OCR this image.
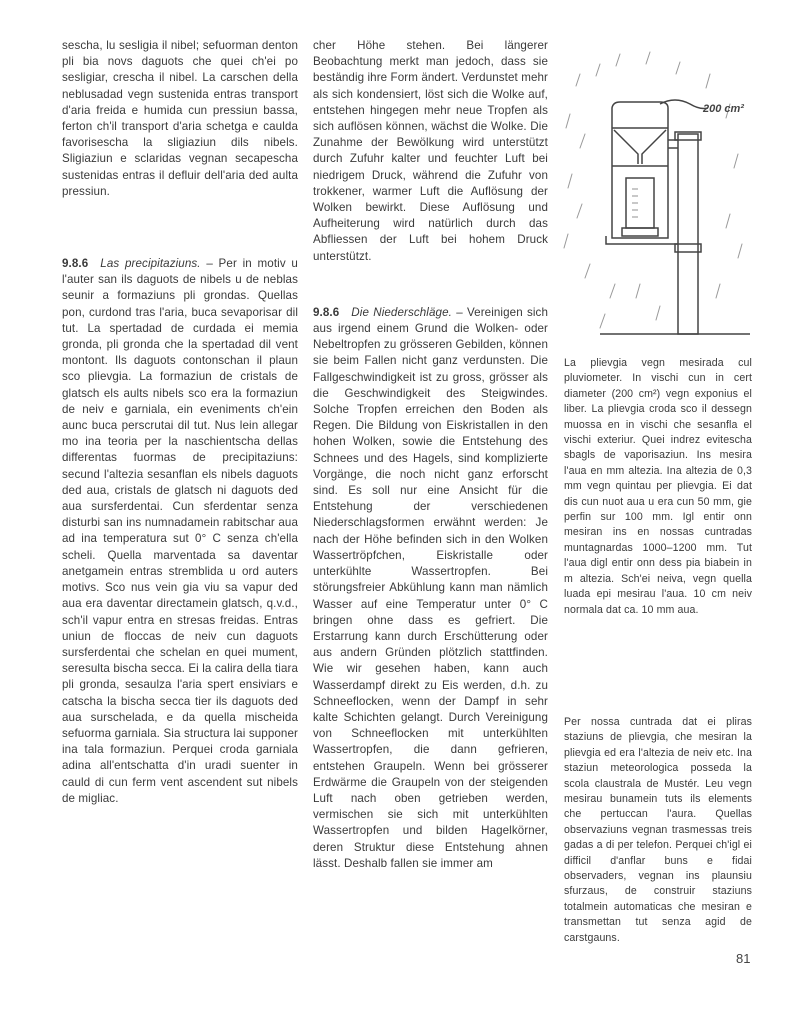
sescha, lu sesligia il nibel; sefuorman denton pli bia novs daguots che quei ch'ei po sesligiar, crescha il nibel. La carschen della neblusadad vegn sustenida entras transport d'aria freida e humida cun pressiun bassa, ferton ch'il transport d'aria schetga e caulda favorisescha la sligiaziun dils nibels. Sligiaziun e sclaridas vegnan secapescha sustenidas entras il defluir dell'aria ded aulta pressiun.

9.8.6 Las precipitaziuns. – Per in motiv u l'auter san ils daguots de nibels u de neblas seunir a formaziuns pli grondas. Quellas pon, curdond tras l'aria, buca sevaporisar dil tut. La spertadad de curdada ei memia gronda, pli gronda che la spertadad dil vent montont. Ils daguots contonschan il plaun sco plievgia. La formaziun de cristals de glatsch els aults nibels sco era la formaziun de neiv e garniala, ein eveniments ch'ein aunc buca perscrutai dil tut. Nus lein allegar mo ina teoria per la naschientscha dellas differentas fuormas de precipitaziuns: secund l'altezia sesanflan els nibels daguots ded aua, cristals de glatsch ni daguots ded aua sursferdentai. Cun sferdentar senza disturbi san ins numnadamein rabitschar aua ad ina temperatura sut 0° C senza ch'ella scheli. Quella marventada sa daventar anetgamein entras stremblida u ord auters motivs. Sco nus vein gia viu sa vapur ded aua era daventar directamein glatsch, q.v.d., sch'il vapur entra en stresas freidas. Entras uniun de floccas de neiv cun daguots sursferdentai che schelan en quei mument, seresulta bischa secca. Ei la calira della tiara pli gronda, sesaulza l'aria spert ensiviars e catscha la bischa secca tier ils daguots ded aua surschelada, e da quella mischeida sefuorma garniala. Sia structura lai supponer ina tala formaziun. Perquei croda garniala adina all'entschatta d'in uradi suenter in cauld di cun ferm vent ascendent sut nibels de migliac.

cher Höhe stehen. Bei längerer Beobachtung merkt man jedoch, dass sie beständig ihre Form ändert. Verdunstet mehr als sich kondensiert, löst sich die Wolke auf, entstehen hingegen mehr neue Tropfen als sich auflösen können, wächst die Wolke. Die Zunahme der Bewölkung wird unterstützt durch Zufuhr kalter und feuchter Luft bei niedrigem Druck, während die Zufuhr von trokkener, warmer Luft die Auflösung der Wolken bewirkt. Diese Auflösung und Aufheiterung wird natürlich durch das Abfliessen der Luft bei hohem Druck unterstützt.

9.8.6 Die Niederschläge. – Vereinigen sich aus irgend einem Grund die Wolken- oder Nebeltropfen zu grösseren Gebilden, können sie beim Fallen nicht ganz verdunsten. Die Fallgeschwindigkeit ist zu gross, grösser als die Geschwindigkeit des Steigwindes. Solche Tropfen erreichen den Boden als Regen. Die Bildung von Eiskristallen in den hohen Wolken, sowie die Entstehung des Schnees und des Hagels, sind komplizierte Vorgänge, die noch nicht ganz erforscht sind. Es soll nur eine Ansicht für die Entstehung der verschiedenen Niederschlagsformen erwähnt werden: Je nach der Höhe befinden sich in den Wolken Wassertröpfchen, Eiskristalle oder unterkühlte Wassertropfen. Bei störungsfreier Abkühlung kann man nämlich Wasser auf eine Temperatur unter 0° C bringen ohne dass es gefriert. Die Erstarrung kann durch Erschütterung oder aus andern Gründen plötzlich stattfinden. Wie wir gesehen haben, kann auch Wasserdampf direkt zu Eis werden, d.h. zu Schneeflocken, wenn der Dampf in sehr kalte Schichten gelangt. Durch Vereinigung von Schneeflocken mit unterkühlten Wassertropfen, die dann gefrieren, entstehen Graupeln. Wenn bei grösserer Erdwärme die Graupeln von der steigenden Luft nach oben getrieben werden, vermischen sie sich mit unterkühlten Wassertropfen und bilden Hagelkörner, deren Struktur diese Entstehung ahnen lässt. Deshalb fallen sie immer am

200 cm²

La plievgia vegn mesirada cul pluviometer. In vischi cun in cert diameter (200 cm²) vegn exponius el liber. La plievgia croda sco il dessegn muossa en in vischi che sesanfla el vischi exteriur. Quei indrez evitescha sbagls de vaporisaziun. Ins mesira l'aua en mm altezia. Ina altezia de 0,3 mm vegn quintau per plievgia. Ei dat dis cun nuot aua u era cun 50 mm, gie perfin sur 100 mm. Igl entir onn mesiran ins en nossas cuntradas muntagnardas 1000–1200 mm. Tut l'aua digl entir onn dess pia biabein in m altezia. Sch'ei neiva, vegn quella luada epi mesirau l'aua. 10 cm neiv normala dat ca. 10 mm aua.

Per nossa cuntrada dat ei pliras staziuns de plievgia, che mesiran la plievgia ed era l'altezia de neiv etc. Ina staziun meteorologica posseda la scola claustrala de Mustér. Leu vegn mesirau bunamein tuts ils elements che pertuccan l'aura. Quellas observaziuns vegnan trasmessas treis gadas a di per telefon. Perquei ch'igl ei difficil d'anflar buns e fidai observaders, vegnan ins plaunsiu sfurzaus, de construir staziuns totalmein automaticas che mesiran e transmettan tut senza agid de carstgauns.

81
